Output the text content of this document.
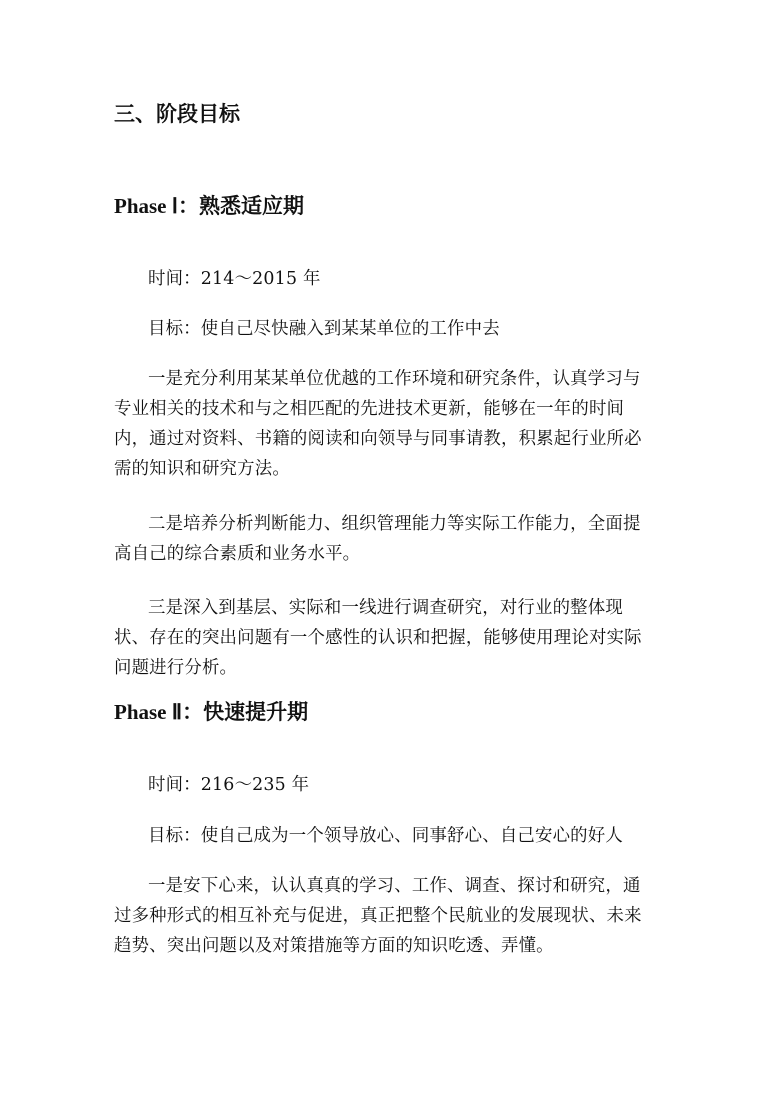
三、阶段目标
Phase Ⅰ：熟悉适应期

时间：214～2015 年

目标：使自己尽快融入到某某单位的工作中去

一是充分利用某某单位优越的工作环境和研究条件，认真学习与专业相关的技术和与之相匹配的先进技术更新，能够在一年的时间内，通过对资料、书籍的阅读和向领导与同事请教，积累起行业所必需的知识和研究方法。

二是培养分析判断能力、组织管理能力等实际工作能力，全面提高自己的综合素质和业务水平。

三是深入到基层、实际和一线进行调查研究，对行业的整体现状、存在的突出问题有一个感性的认识和把握，能够使用理论对实际问题进行分析。

Phase Ⅱ：快速提升期

时间：216～235 年

目标：使自己成为一个领导放心、同事舒心、自己安心的好人

一是安下心来，认认真真的学习、工作、调查、探讨和研究，通过多种形式的相互补充与促进，真正把整个民航业的发展现状、未来趋势、突出问题以及对策措施等方面的知识吃透、弄懂。
